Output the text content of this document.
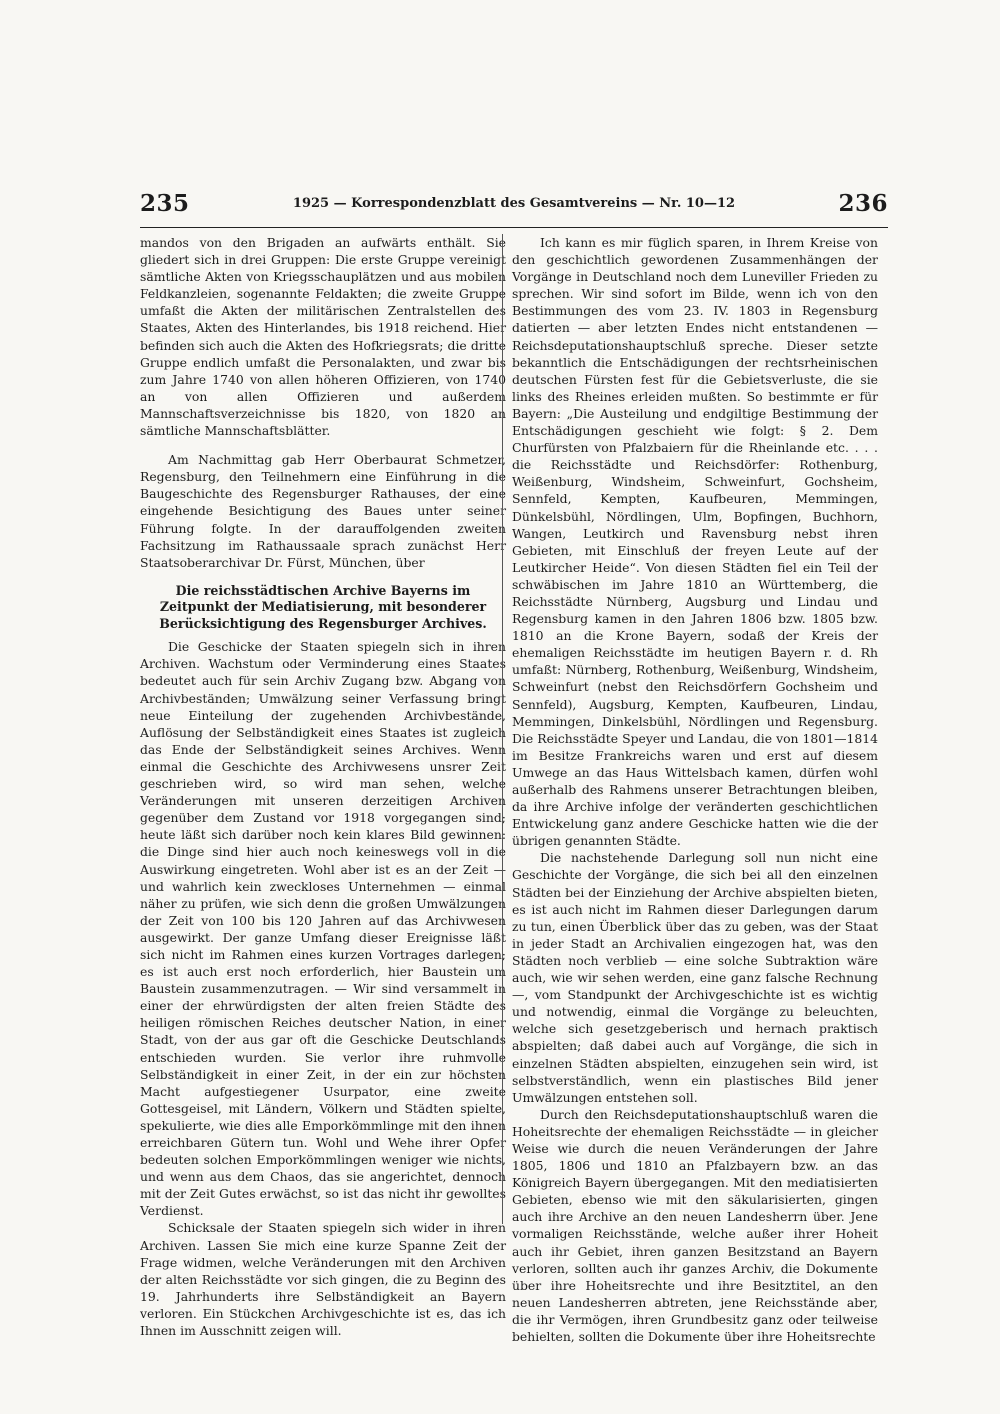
235	1925 — Korrespondenzblatt des Gesamtvereins — Nr. 10—12	236

mandos von den Brigaden an aufwärts enthält. Sie gliedert sich in drei Gruppen: Die erste Gruppe vereinigt sämtliche Akten von Kriegsschauplätzen und aus mobilen Feldkanzleien, sogenannte Feldakten; die zweite Gruppe umfaßt die Akten der militärischen Zentralstellen des Staates, Akten des Hinterlandes, bis 1918 reichend. Hier befinden sich auch die Akten des Hofkriegsrats; die dritte Gruppe endlich umfaßt die Personalakten, und zwar bis zum Jahre 1740 von allen höheren Offizieren, von 1740 an von allen Offizieren und außerdem Mannschaftsverzeichnisse bis 1820, von 1820 an sämtliche Mannschaftsblätter.

Am Nachmittag gab Herr Oberbaurat Schmetzer, Regensburg, den Teilnehmern eine Einführung in die Baugeschichte des Regensburger Rathauses, der eine eingehende Besichtigung des Baues unter seiner Führung folgte. In der darauffolgenden zweiten Fachsitzung im Rathaussaale sprach zunächst Herr Staatsoberarchivar Dr. Fürst, München, über

Die reichsstädtischen Archive Bayerns im Zeitpunkt der Mediatisierung, mit besonderer Berücksichtigung des Regensburger Archives.

Die Geschicke der Staaten spiegeln sich in ihren Archiven. Wachstum oder Verminderung eines Staates bedeutet auch für sein Archiv Zugang bzw. Abgang von Archivbeständen; Umwälzung seiner Verfassung bringt neue Einteilung der zugehenden Archivbestände, Auflösung der Selbständigkeit eines Staates ist zugleich das Ende der Selbständigkeit seines Archives. Wenn einmal die Geschichte des Archivwesens unsrer Zeit geschrieben wird, so wird man sehen, welche Veränderungen mit unseren derzeitigen Archiven gegenüber dem Zustand vor 1918 vorgegangen sind; heute läßt sich darüber noch kein klares Bild gewinnen: die Dinge sind hier auch noch keineswegs voll in die Auswirkung eingetreten. Wohl aber ist es an der Zeit — und wahrlich kein zweckloses Unternehmen — einmal näher zu prüfen, wie sich denn die großen Umwälzungen der Zeit von 100 bis 120 Jahren auf das Archivwesen ausgewirkt. Der ganze Umfang dieser Ereignisse läßt sich nicht im Rahmen eines kurzen Vortrages darlegen; es ist auch erst noch erforderlich, hier Baustein um Baustein zusammenzutragen. — Wir sind versammelt in einer der ehrwürdigsten der alten freien Städte des heiligen römischen Reiches deutscher Nation, in einer Stadt, von der aus gar oft die Geschicke Deutschlands entschieden wurden. Sie verlor ihre ruhmvolle Selbständigkeit in einer Zeit, in der ein zur höchsten Macht aufgestiegener Usurpator, eine zweite Gottesgeisel, mit Ländern, Völkern und Städten spielte, spekulierte, wie dies alle Emporkömmlinge mit den ihnen erreichbaren Gütern tun. Wohl und Wehe ihrer Opfer bedeuten solchen Emporkömmlingen weniger wie nichts, und wenn aus dem Chaos, das sie angerichtet, dennoch mit der Zeit Gutes erwächst, so ist das nicht ihr gewolltes Verdienst.

Schicksale der Staaten spiegeln sich wider in ihren Archiven. Lassen Sie mich eine kurze Spanne Zeit der Frage widmen, welche Veränderungen mit den Archiven der alten Reichsstädte vor sich gingen, die zu Beginn des 19. Jahrhunderts ihre Selbständigkeit an Bayern verloren. Ein Stückchen Archivgeschichte ist es, das ich Ihnen im Ausschnitt zeigen will.

Ich kann es mir füglich sparen, in Ihrem Kreise von den geschichtlich gewordenen Zusammenhängen der Vorgänge in Deutschland noch dem Luneviller Frieden zu sprechen. Wir sind sofort im Bilde, wenn ich von den Bestimmungen des vom 23. IV. 1803 in Regensburg datierten — aber letzten Endes nicht entstandenen — Reichsdeputationshauptschluß spreche. Dieser setzte bekanntlich die Entschädigungen der rechtsrheinischen deutschen Fürsten fest für die Gebietsverluste, die sie links des Rheines erleiden mußten. So bestimmte er für Bayern: „Die Austeilung und endgiltige Bestimmung der Entschädigungen geschieht wie folgt: § 2. Dem Churfürsten von Pfalzbaiern für die Rheinlande etc. . . . die Reichsstädte und Reichsdörfer: Rothenburg, Weißenburg, Windsheim, Schweinfurt, Gochsheim, Sennfeld, Kempten, Kaufbeuren, Memmingen, Dünkelsbühl, Nördlingen, Ulm, Bopfingen, Buchhorn, Wangen, Leutkirch und Ravensburg nebst ihren Gebieten, mit Einschluß der freyen Leute auf der Leutkircher Heide“. Von diesen Städten fiel ein Teil der schwäbischen im Jahre 1810 an Württemberg, die Reichsstädte Nürnberg, Augsburg und Lindau und Regensburg kamen in den Jahren 1806 bzw. 1805 bzw. 1810 an die Krone Bayern, sodaß der Kreis der ehemaligen Reichsstädte im heutigen Bayern r. d. Rh umfaßt: Nürnberg, Rothenburg, Weißenburg, Windsheim, Schweinfurt (nebst den Reichsdörfern Gochsheim und Sennfeld), Augsburg, Kempten, Kaufbeuren, Lindau, Memmingen, Dinkelsbühl, Nördlingen und Regensburg. Die Reichsstädte Speyer und Landau, die von 1801—1814 im Besitze Frankreichs waren und erst auf diesem Umwege an das Haus Wittelsbach kamen, dürfen wohl außerhalb des Rahmens unserer Betrachtungen bleiben, da ihre Archive infolge der veränderten geschichtlichen Entwickelung ganz andere Geschicke hatten wie die der übrigen genannten Städte.

Die nachstehende Darlegung soll nun nicht eine Geschichte der Vorgänge, die sich bei all den einzelnen Städten bei der Einziehung der Archive abspielten bieten, es ist auch nicht im Rahmen dieser Darlegungen darum zu tun, einen Überblick über das zu geben, was der Staat in jeder Stadt an Archivalien eingezogen hat, was den Städten noch verblieb — eine solche Subtraktion wäre auch, wie wir sehen werden, eine ganz falsche Rechnung —, vom Standpunkt der Archivgeschichte ist es wichtig und notwendig, einmal die Vorgänge zu beleuchten, welche sich gesetzgeberisch und hernach praktisch abspielten; daß dabei auch auf Vorgänge, die sich in einzelnen Städten abspielten, einzugehen sein wird, ist selbstverständlich, wenn ein plastisches Bild jener Umwälzungen entstehen soll.

Durch den Reichsdeputationshauptschluß waren die Hoheitsrechte der ehemaligen Reichsstädte — in gleicher Weise wie durch die neuen Veränderungen der Jahre 1805, 1806 und 1810 an Pfalzbayern bzw. an das Königreich Bayern übergegangen. Mit den mediatisierten Gebieten, ebenso wie mit den säkularisierten, gingen auch ihre Archive an den neuen Landesherrn über. Jene vormaligen Reichsstände, welche außer ihrer Hoheit auch ihr Gebiet, ihren ganzen Besitzstand an Bayern verloren, sollten auch ihr ganzes Archiv, die Dokumente über ihre Hoheitsrechte und ihre Besitztitel, an den neuen Landesherren abtreten, jene Reichsstände aber, die ihr Vermögen, ihren Grundbesitz ganz oder teilweise behielten, sollten die Dokumente über ihre Hoheitsrechte
